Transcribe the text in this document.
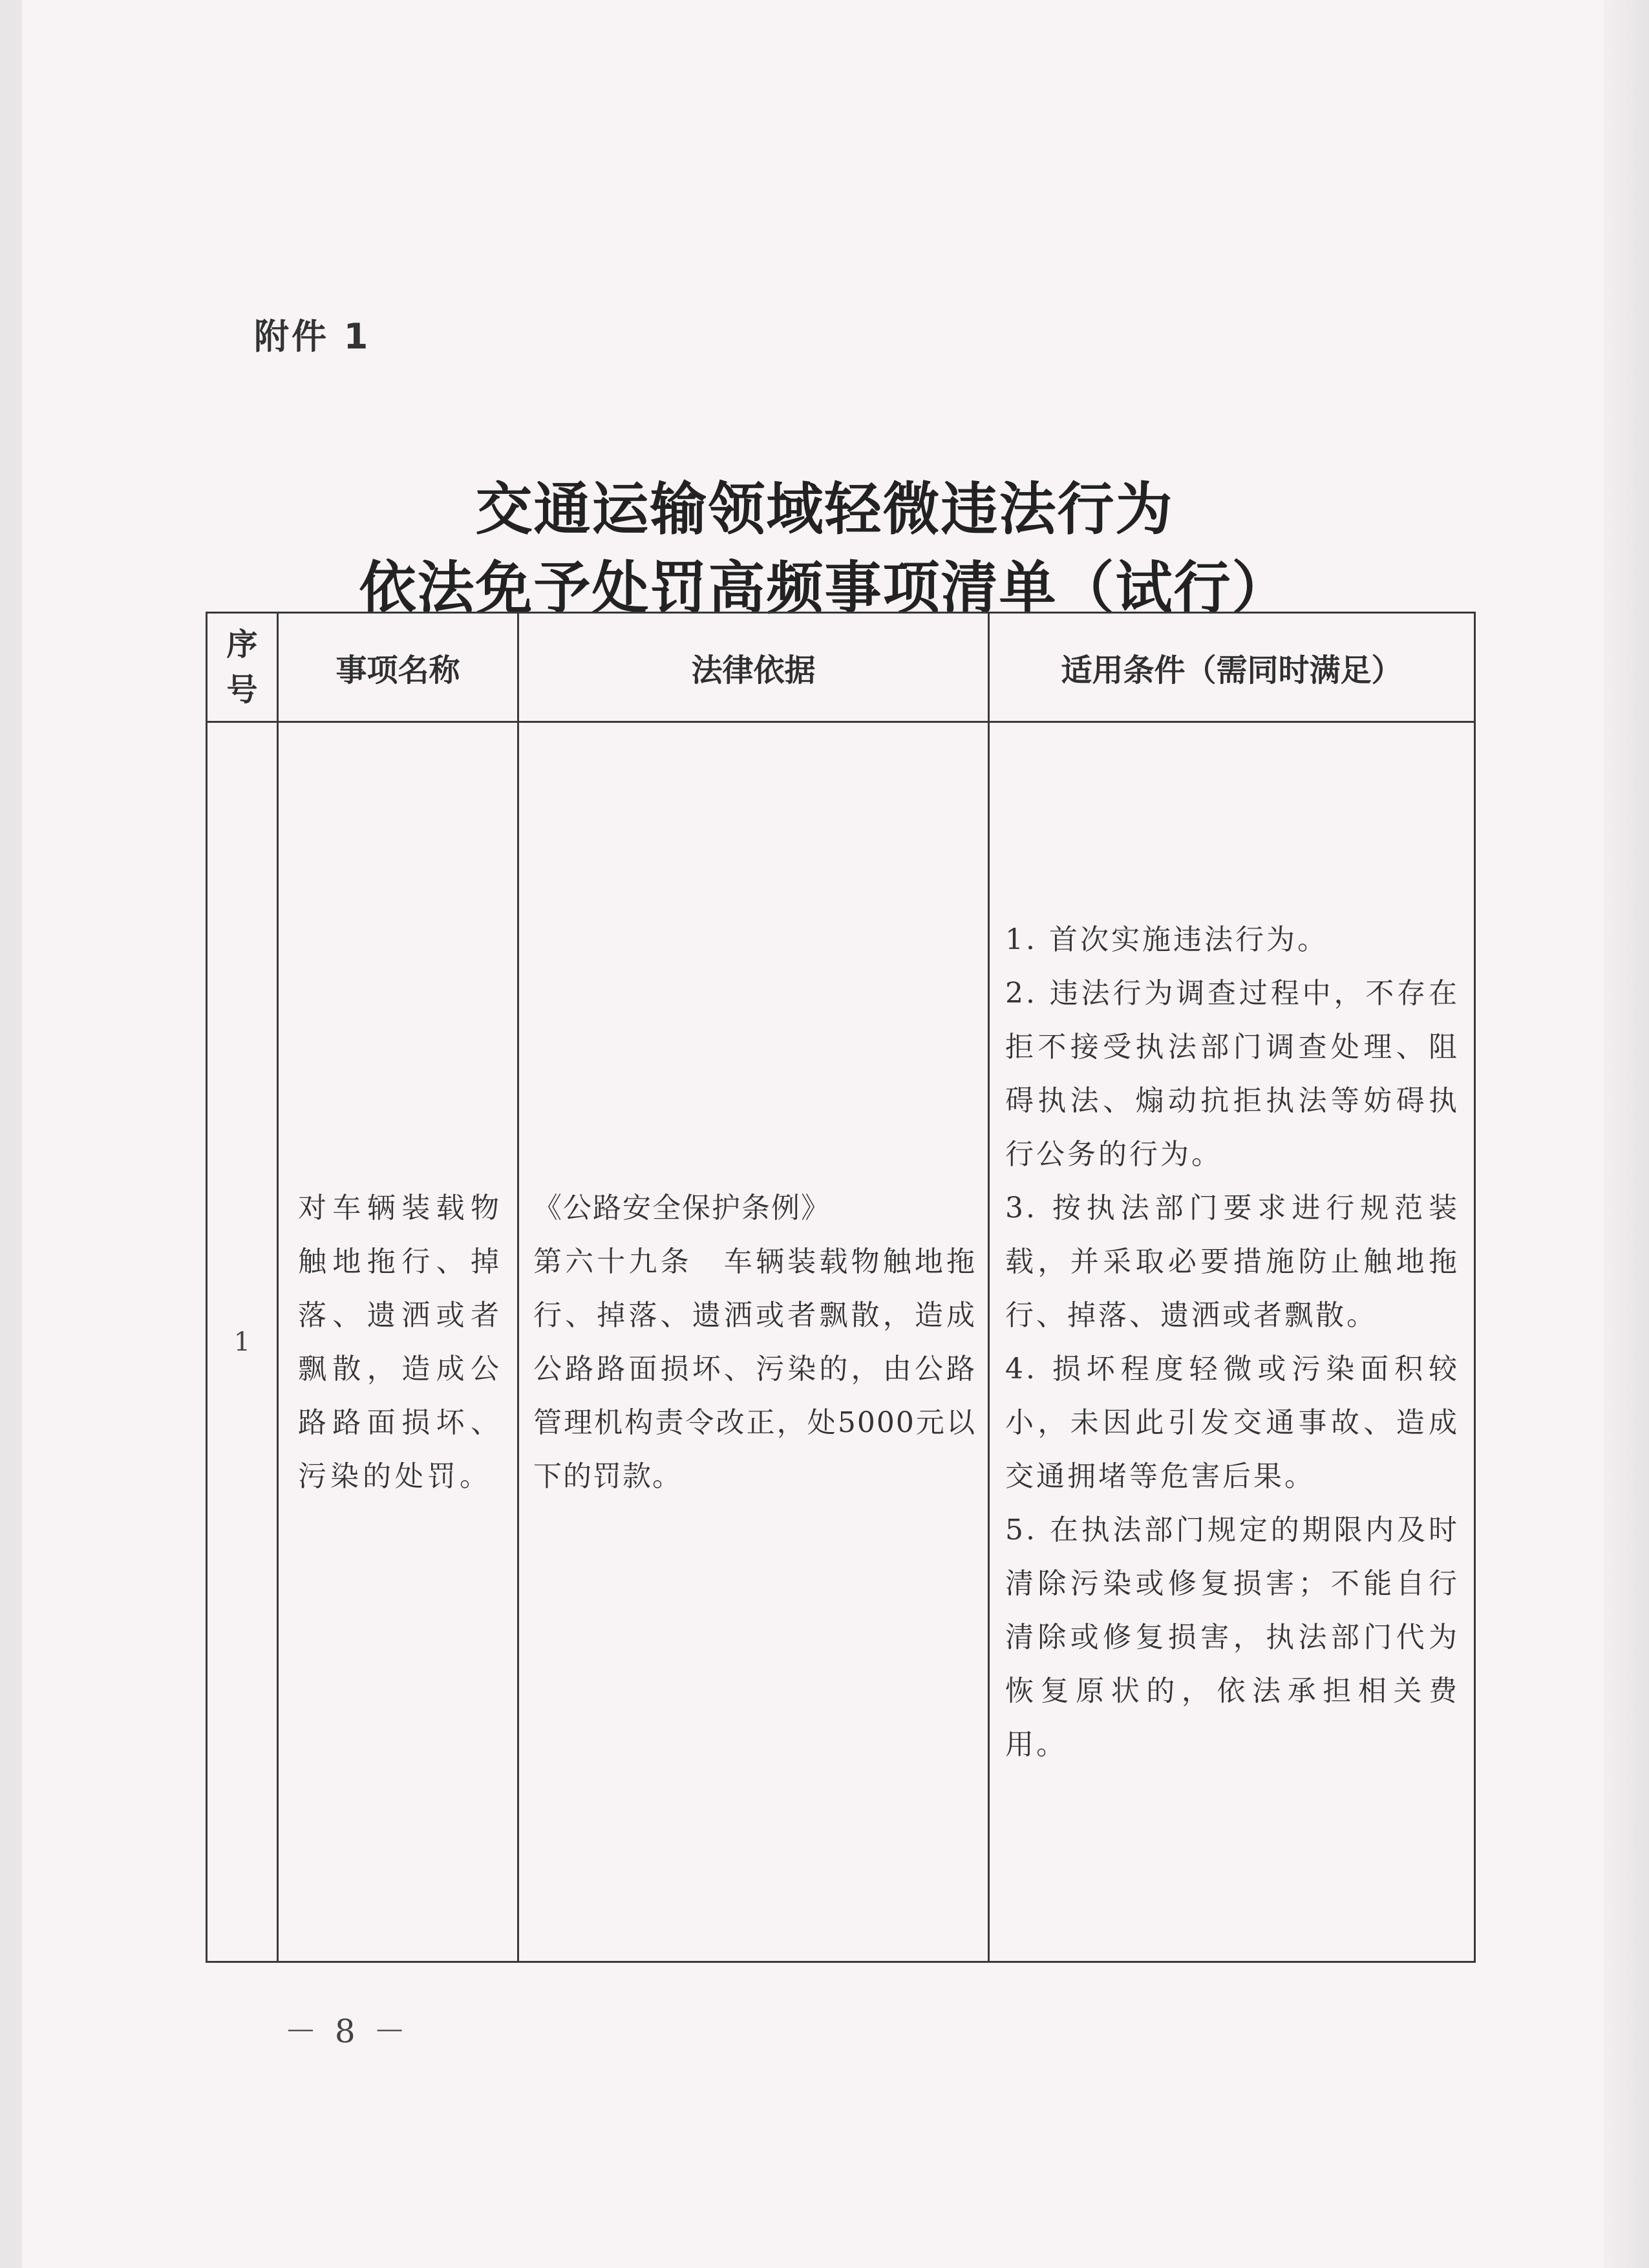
附件 1
交通运输领域轻微违法行为
依法免予处罚高频事项清单（试行）
序
号	事项名称	法律依据	适用条件（需同时满足）
1	对车辆装载物触地拖行、掉落、遗洒或者飘散，造成公路路面损坏、污染的处罚。	《公路安全保护条例》
第六十九条　车辆装载物触地拖行、掉落、遗洒或者飘散，造成公路路面损坏、污染的，由公路管理机构责令改正，处5000元以下的罚款。	1. 首次实施违法行为。
2. 违法行为调查过程中，不存在拒不接受执法部门调查处理、阻碍执法、煽动抗拒执法等妨碍执行公务的行为。
3. 按执法部门要求进行规范装载，并采取必要措施防止触地拖行、掉落、遗洒或者飘散。
4. 损坏程度轻微或污染面积较小，未因此引发交通事故、造成交通拥堵等危害后果。
5. 在执法部门规定的期限内及时清除污染或修复损害；不能自行清除或修复损害，执法部门代为恢复原状的，依法承担相关费用。
－ 8 －
